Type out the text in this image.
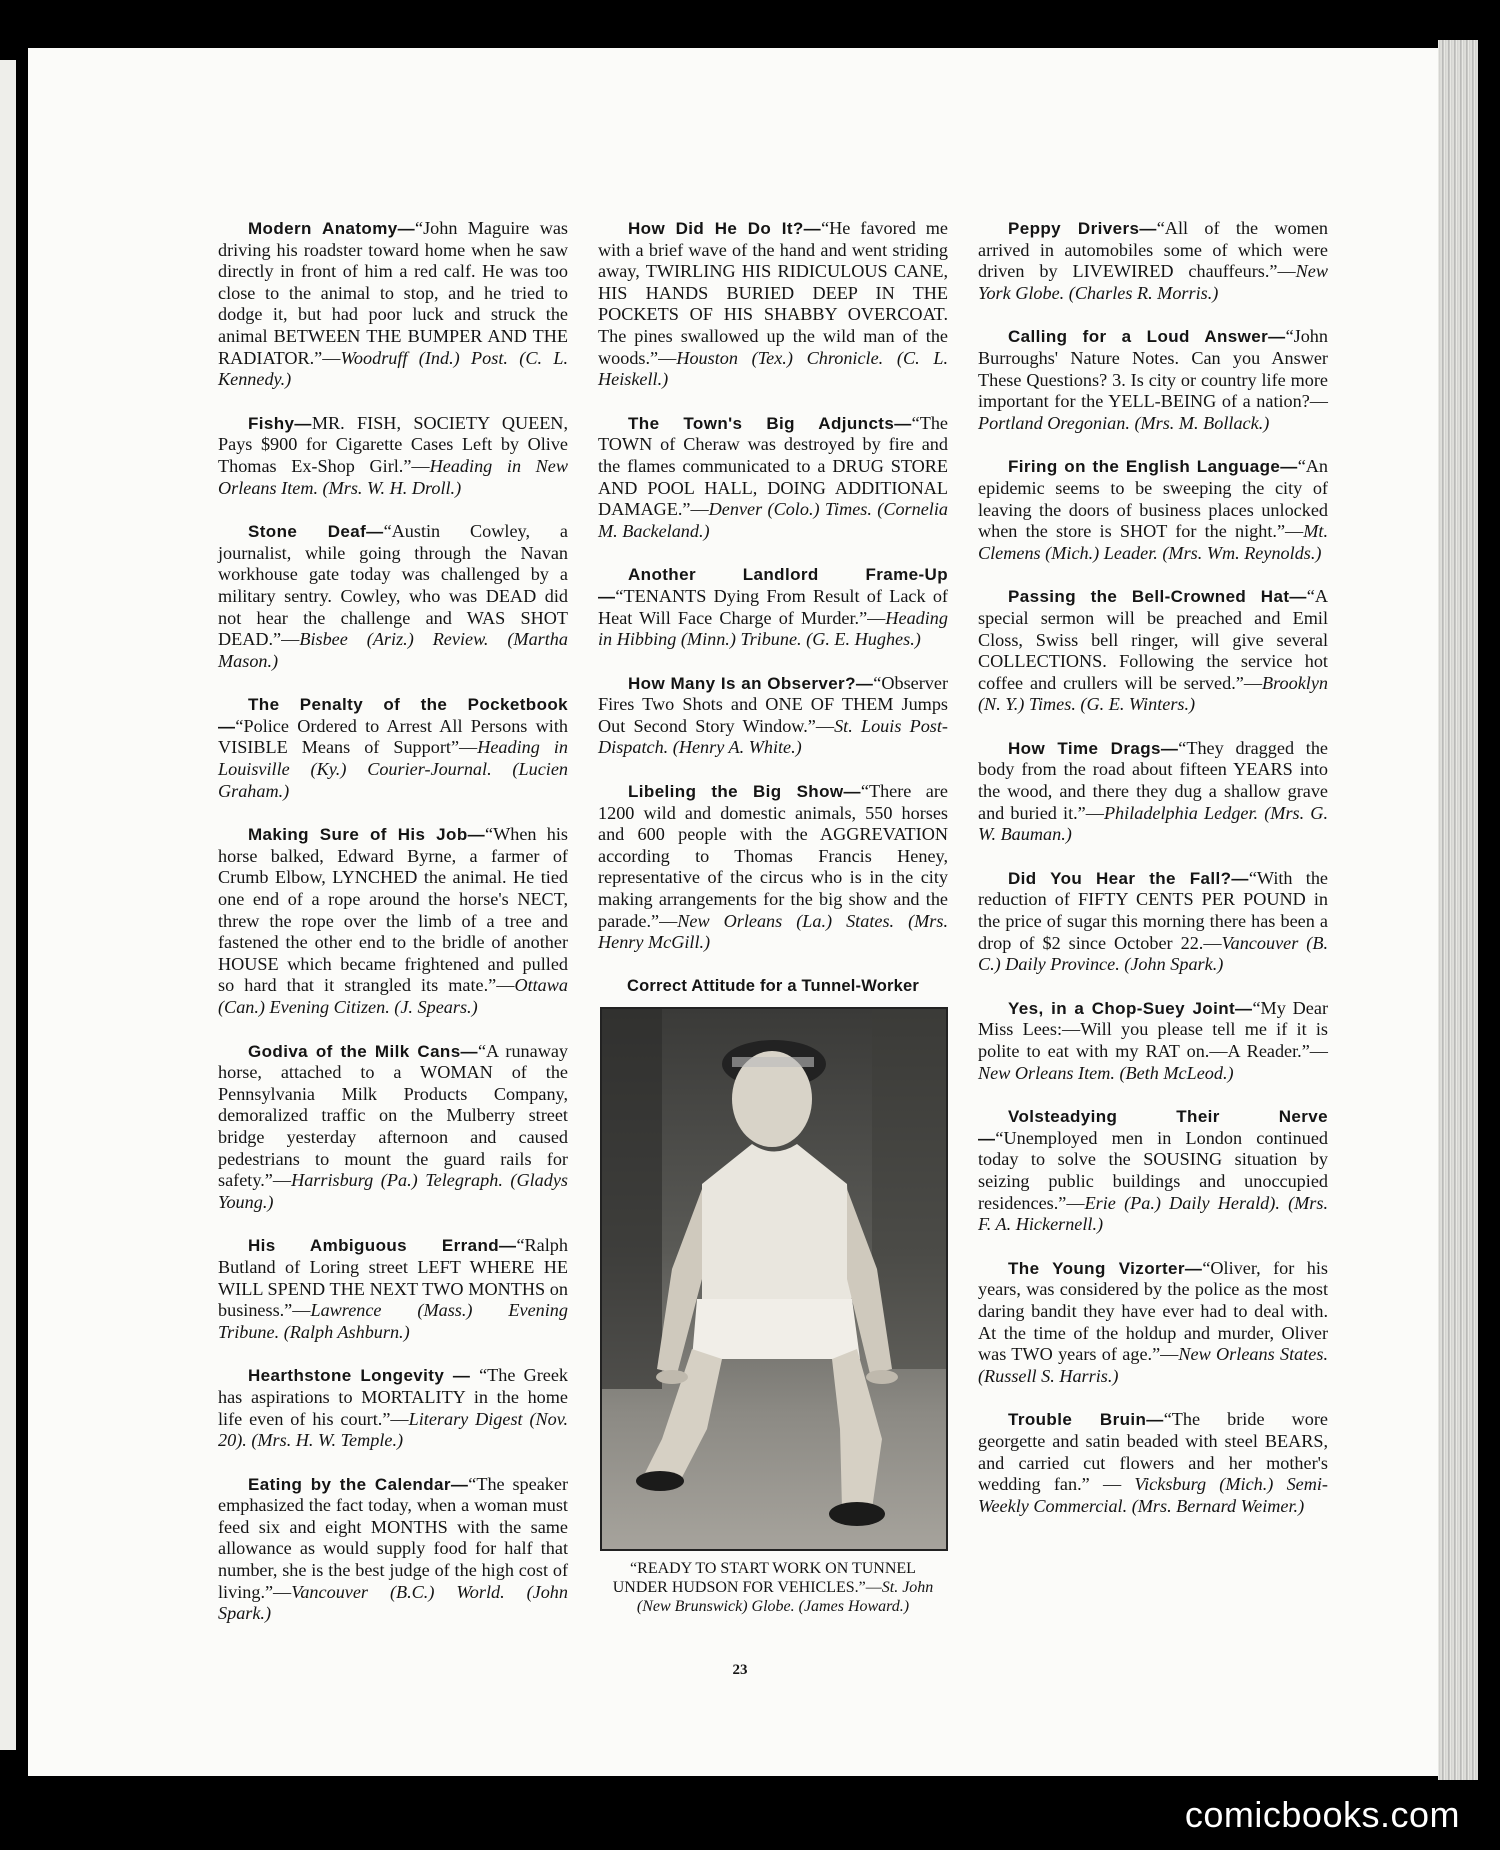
Modern Anatomy—“John Maguire was driving his roadster toward home when he saw directly in front of him a red calf. He was too close to the animal to stop, and he tried to dodge it, but had poor luck and struck the animal BETWEEN THE BUMPER AND THE RADIATOR.”—Woodruff (Ind.) Post. (C. L. Kennedy.)

Fishy—MR. FISH, SOCIETY QUEEN, Pays $900 for Cigarette Cases Left by Olive Thomas Ex-Shop Girl.”—Heading in New Orleans Item. (Mrs. W. H. Droll.)

Stone Deaf—“Austin Cowley, a journalist, while going through the Navan workhouse gate today was challenged by a military sentry. Cowley, who was DEAD did not hear the challenge and WAS SHOT DEAD.”—Bisbee (Ariz.) Review. (Martha Mason.)

The Penalty of the Pocketbook—“Police Ordered to Arrest All Persons with VISIBLE Means of Support”—Heading in Louisville (Ky.) Courier-Journal. (Lucien Graham.)

Making Sure of His Job—“When his horse balked, Edward Byrne, a farmer of Crumb Elbow, LYNCHED the animal. He tied one end of a rope around the horse's NECT, threw the rope over the limb of a tree and fastened the other end to the bridle of another HOUSE which became frightened and pulled so hard that it strangled its mate.”—Ottawa (Can.) Evening Citizen. (J. Spears.)

Godiva of the Milk Cans—“A runaway horse, attached to a WOMAN of the Pennsylvania Milk Products Company, demoralized traffic on the Mulberry street bridge yesterday afternoon and caused pedestrians to mount the guard rails for safety.”—Harrisburg (Pa.) Telegraph. (Gladys Young.)

His Ambiguous Errand—“Ralph Butland of Loring street LEFT WHERE HE WILL SPEND THE NEXT TWO MONTHS on business.”—Lawrence (Mass.) Evening Tribune. (Ralph Ashburn.)

Hearthstone Longevity — “The Greek has aspirations to MORTALITY in the home life even of his court.”—Literary Digest (Nov. 20). (Mrs. H. W. Temple.)

Eating by the Calendar—“The speaker emphasized the fact today, when a woman must feed six and eight MONTHS with the same allowance as would supply food for half that number, she is the best judge of the high cost of living.”—Vancouver (B.C.) World. (John Spark.)

How Did He Do It?—“He favored me with a brief wave of the hand and went striding away, TWIRLING HIS RIDICULOUS CANE, HIS HANDS BURIED DEEP IN THE POCKETS OF HIS SHABBY OVERCOAT. The pines swallowed up the wild man of the woods.”—Houston (Tex.) Chronicle. (C. L. Heiskell.)

The Town's Big Adjuncts—“The TOWN of Cheraw was destroyed by fire and the flames communicated to a DRUG STORE AND POOL HALL, DOING ADDITIONAL DAMAGE.”—Denver (Colo.) Times. (Cornelia M. Backeland.)

Another Landlord Frame-Up—“TENANTS Dying From Result of Lack of Heat Will Face Charge of Murder.”—Heading in Hibbing (Minn.) Tribune. (G. E. Hughes.)

How Many Is an Observer?—“Observer Fires Two Shots and ONE OF THEM Jumps Out Second Story Window.”—St. Louis Post-Dispatch. (Henry A. White.)

Libeling the Big Show—“There are 1200 wild and domestic animals, 550 horses and 600 people with the AGGREVATION according to Thomas Francis Heney, representative of the circus who is in the city making arrangements for the big show and the parade.”—New Orleans (La.) States. (Mrs. Henry McGill.)

Correct Attitude for a Tunnel-Worker
“READY TO START WORK ON TUNNEL UNDER HUDSON FOR VEHICLES.”—St. John (New Brunswick) Globe. (James Howard.)

Peppy Drivers—“All of the women arrived in automobiles some of which were driven by LIVEWIRED chauffeurs.”—New York Globe. (Charles R. Morris.)

Calling for a Loud Answer—“John Burroughs' Nature Notes. Can you Answer These Questions? 3. Is city or country life more important for the YELL-BEING of a nation?—Portland Oregonian. (Mrs. M. Bollack.)

Firing on the English Language—“An epidemic seems to be sweeping the city of leaving the doors of business places unlocked when the store is SHOT for the night.”—Mt. Clemens (Mich.) Leader. (Mrs. Wm. Reynolds.)

Passing the Bell-Crowned Hat—“A special sermon will be preached and Emil Closs, Swiss bell ringer, will give several COLLECTIONS. Following the service hot coffee and crullers will be served.”—Brooklyn (N. Y.) Times. (G. E. Winters.)

How Time Drags—“They dragged the body from the road about fifteen YEARS into the wood, and there they dug a shallow grave and buried it.”—Philadelphia Ledger. (Mrs. G. W. Bauman.)

Did You Hear the Fall?—“With the reduction of FIFTY CENTS PER POUND in the price of sugar this morning there has been a drop of $2 since October 22.—Vancouver (B. C.) Daily Province. (John Spark.)

Yes, in a Chop-Suey Joint—“My Dear Miss Lees:—Will you please tell me if it is polite to eat with my RAT on.—A Reader.”—New Orleans Item. (Beth McLeod.)

Volsteadying Their Nerve—“Unemployed men in London continued today to solve the SOUSING situation by seizing public buildings and unoccupied residences.”—Erie (Pa.) Daily Herald). (Mrs. F. A. Hickernell.)

The Young Vizorter—“Oliver, for his years, was considered by the police as the most daring bandit they have ever had to deal with. At the time of the holdup and murder, Oliver was TWO years of age.”—New Orleans States. (Russell S. Harris.)

Trouble Bruin—“The bride wore georgette and satin beaded with steel BEARS, and carried cut flowers and her mother's wedding fan.” — Vicksburg (Mich.) Semi-Weekly Commercial. (Mrs. Bernard Weimer.)

23
comicbooks.com
